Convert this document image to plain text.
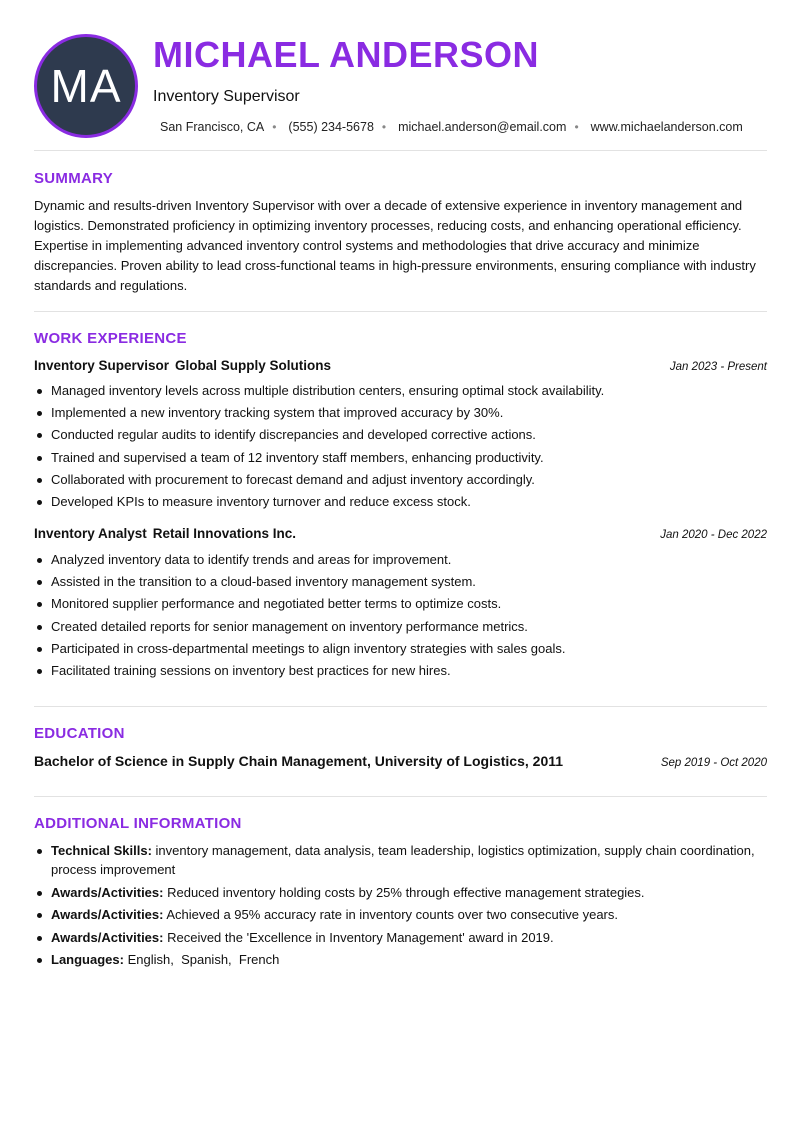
MA
MICHAEL ANDERSON
Inventory Supervisor
San Francisco, CA • (555) 234-5678 • michael.anderson@email.com • www.michaelanderson.com
SUMMARY

Dynamic and results-driven Inventory Supervisor with over a decade of extensive experience in inventory management and logistics. Demonstrated proficiency in optimizing inventory processes, reducing costs, and enhancing operational efficiency. Expertise in implementing advanced inventory control systems and methodologies that drive accuracy and minimize discrepancies. Proven ability to lead cross-functional teams in high-pressure environments, ensuring compliance with industry standards and regulations.

WORK EXPERIENCE
Inventory Supervisor Global Supply Solutions	Jan 2023 - Present
Managed inventory levels across multiple distribution centers, ensuring optimal stock availability.
Implemented a new inventory tracking system that improved accuracy by 30%.
Conducted regular audits to identify discrepancies and developed corrective actions.
Trained and supervised a team of 12 inventory staff members, enhancing productivity.
Collaborated with procurement to forecast demand and adjust inventory accordingly.
Developed KPIs to measure inventory turnover and reduce excess stock.
Inventory Analyst Retail Innovations Inc.	Jan 2020 - Dec 2022
Analyzed inventory data to identify trends and areas for improvement.
Assisted in the transition to a cloud-based inventory management system.
Monitored supplier performance and negotiated better terms to optimize costs.
Created detailed reports for senior management on inventory performance metrics.
Participated in cross-departmental meetings to align inventory strategies with sales goals.
Facilitated training sessions on inventory best practices for new hires.
EDUCATION
Bachelor of Science in Supply Chain Management, University of Logistics, 2011	Sep 2019 - Oct 2020
ADDITIONAL INFORMATION
Technical Skills: inventory management, data analysis, team leadership, logistics optimization, supply chain coordination, process improvement
Awards/Activities: Reduced inventory holding costs by 25% through effective management strategies.
Awards/Activities: Achieved a 95% accuracy rate in inventory counts over two consecutive years.
Awards/Activities: Received the 'Excellence in Inventory Management' award in 2019.
Languages: English,  Spanish,  French
